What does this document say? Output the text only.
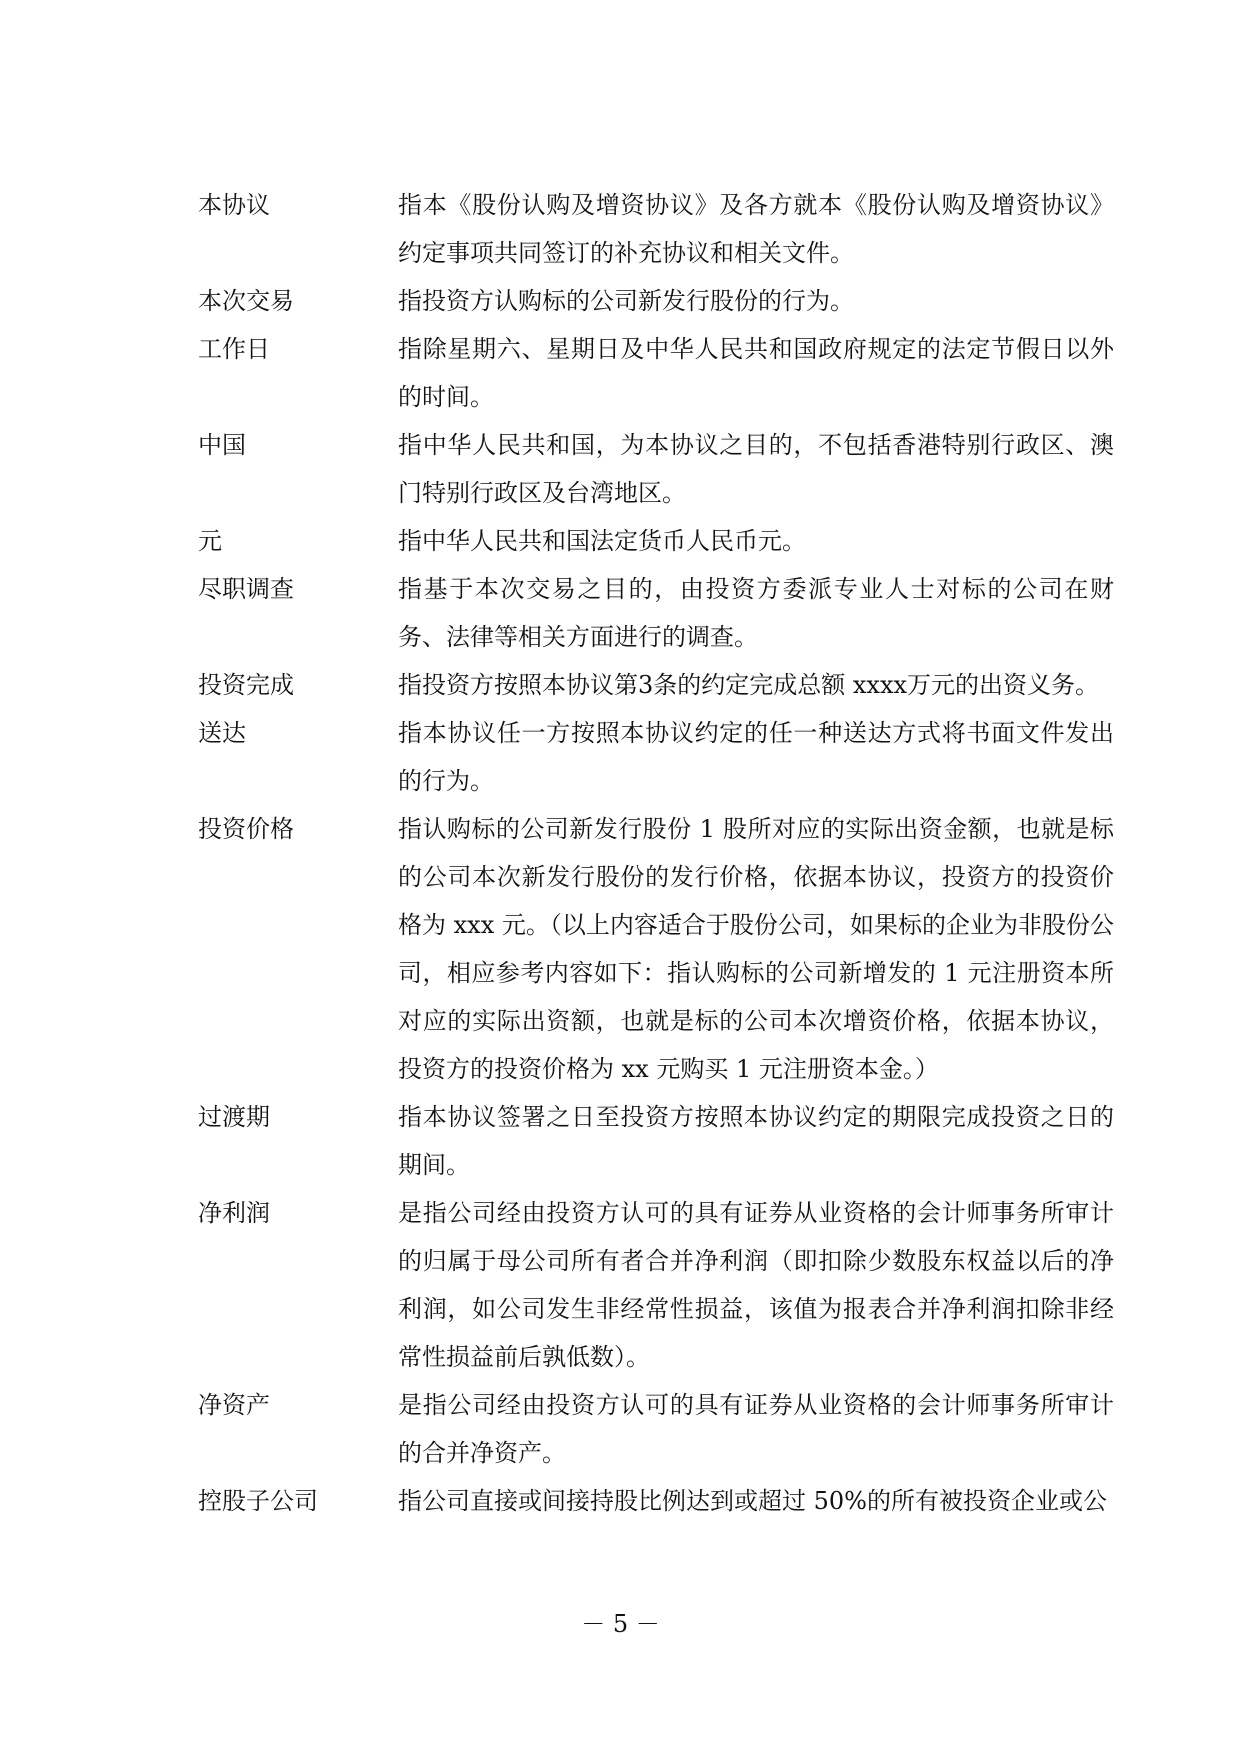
本协议	指本《股份认购及增资协议》及各方就本《股份认购及增资协议》约定事项共同签订的补充协议和相关文件。
本次交易	指投资方认购标的公司新发行股份的行为。
工作日	指除星期六、星期日及中华人民共和国政府规定的法定节假日以外的时间。
中国	指中华人民共和国，为本协议之目的，不包括香港特别行政区、澳门特别行政区及台湾地区。
元	指中华人民共和国法定货币人民币元。
尽职调查	指基于本次交易之目的，由投资方委派专业人士对标的公司在财务、法律等相关方面进行的调查。
投资完成	指投资方按照本协议第3条的约定完成总额 xxxx万元的出资义务。
送达	指本协议任一方按照本协议约定的任一种送达方式将书面文件发出的行为。
投资价格	指认购标的公司新发行股份 1 股所对应的实际出资金额，也就是标的公司本次新发行股份的发行价格，依据本协议，投资方的投资价格为 xxx 元。（以上内容适合于股份公司，如果标的企业为非股份公司，相应参考内容如下：指认购标的公司新增发的 1 元注册资本所对应的实际出资额，也就是标的公司本次增资价格，依据本协议，投资方的投资价格为 xx 元购买 1 元注册资本金。）
过渡期	指本协议签署之日至投资方按照本协议约定的期限完成投资之日的期间。
净利润	是指公司经由投资方认可的具有证券从业资格的会计师事务所审计的归属于母公司所有者合并净利润（即扣除少数股东权益以后的净利润，如公司发生非经常性损益，该值为报表合并净利润扣除非经常性损益前后孰低数）。
净资产	是指公司经由投资方认可的具有证券从业资格的会计师事务所审计的合并净资产。
控股子公司	指公司直接或间接持股比例达到或超过 50%的所有被投资企业或公
－ 5 －
